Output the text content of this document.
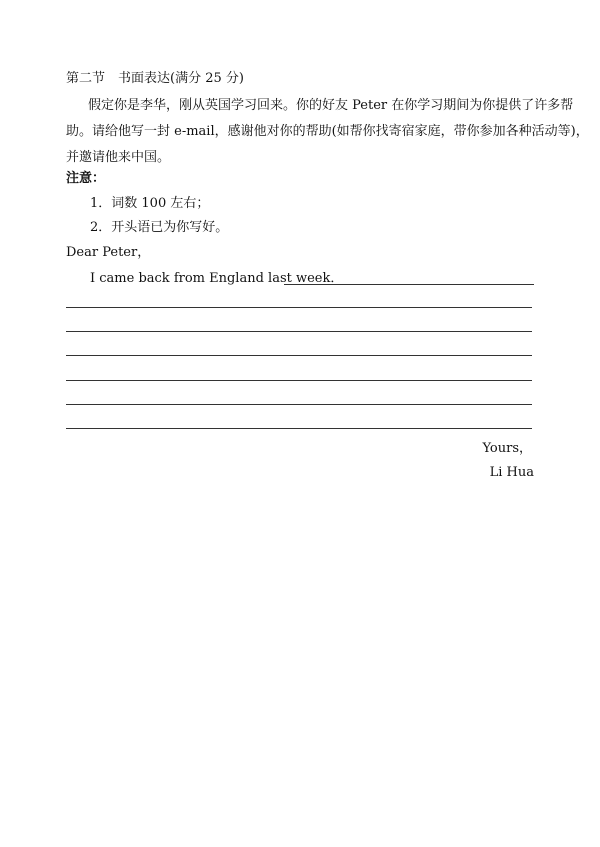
第二节　书面表达(满分 25 分)

假定你是李华，刚从英国学习回来。你的好友 Peter 在你学习期间为你提供了许多帮

助。请给他写一封 e-mail，感谢他对你的帮助(如帮你找寄宿家庭，带你参加各种活动等)，

并邀请他来中国。

注意：
1．词数 100 左右；
2．开头语已为你写好。
Dear Peter，
I came back from England last week．
Yours，
Li Hua
